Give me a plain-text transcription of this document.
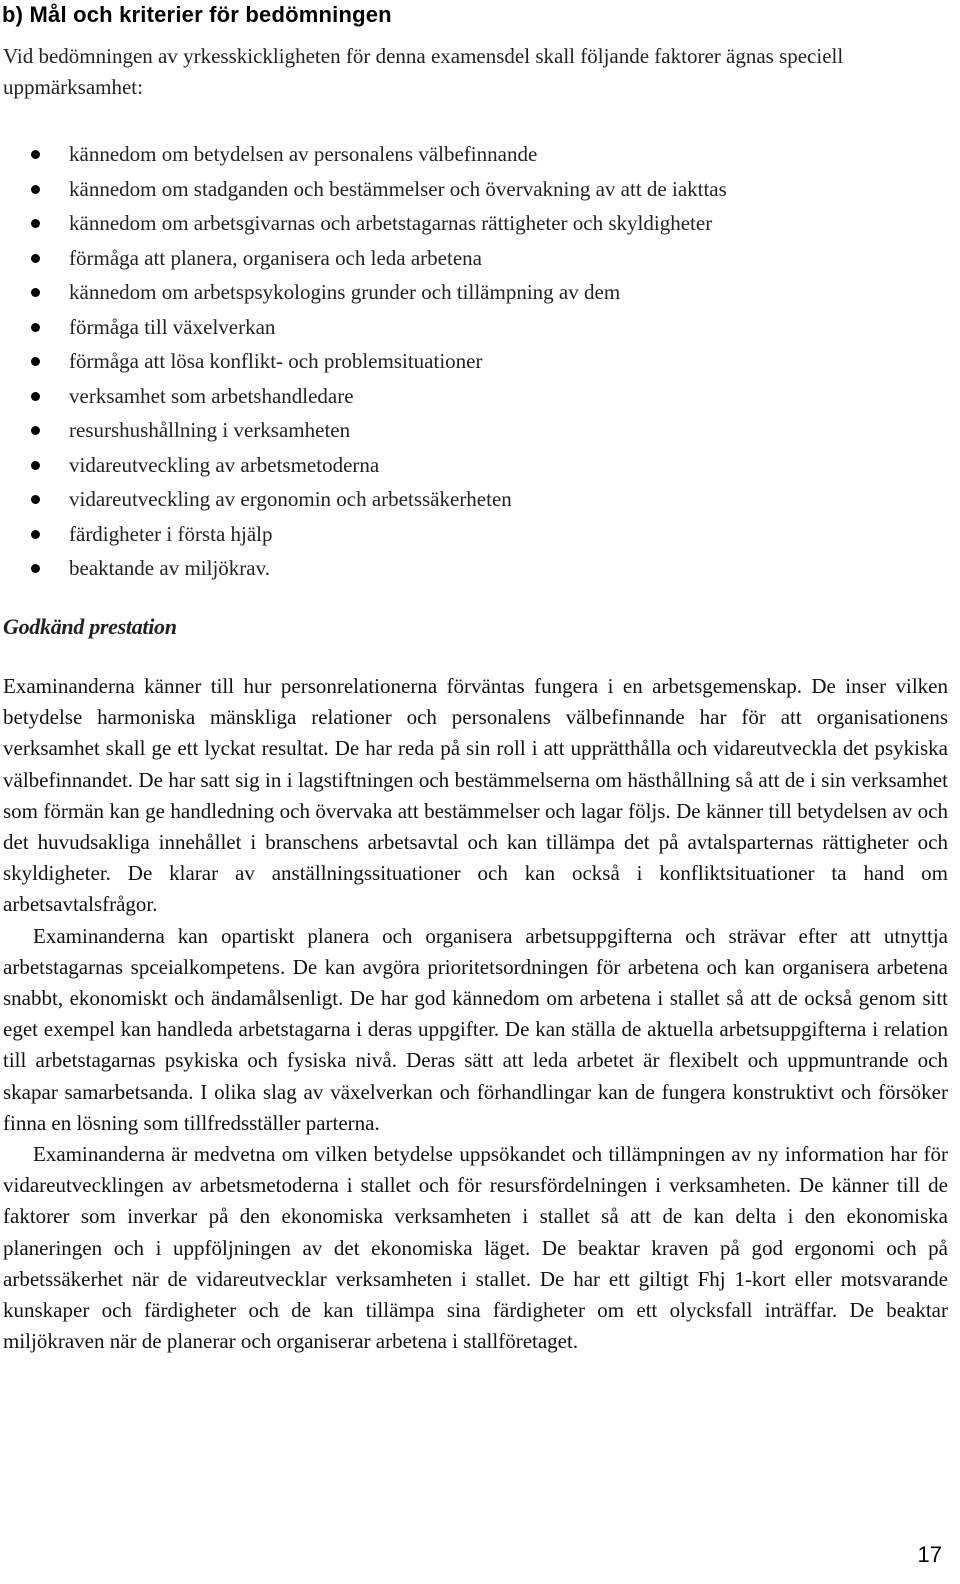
b) Mål och kriterier för bedömningen

Vid bedömningen av yrkesskickligheten för denna examensdel skall följande faktorer ägnas speciell uppmärksamhet:

kännedom om betydelsen av personalens välbefinnande
kännedom om stadganden och bestämmelser och övervakning av att de iakttas
kännedom om arbetsgivarnas och arbetstagarnas rättigheter och skyldigheter
förmåga att planera, organisera och leda arbetena
kännedom om arbetspsykologins grunder och tillämpning av dem
förmåga till växelverkan
förmåga att lösa konflikt- och problemsituationer
verksamhet som arbetshandledare
resurshushållning i verksamheten
vidareutveckling av arbetsmetoderna
vidareutveckling av ergonomin och arbetssäkerheten
färdigheter i första hjälp
beaktande av miljökrav.
Godkänd prestation

Examinanderna känner till hur personrelationerna förväntas fungera i en arbetsgemenskap. De inser vilken betydelse harmoniska mänskliga relationer och personalens välbefinnande har för att organisationens verksamhet skall ge ett lyckat resultat. De har reda på sin roll i att upprätthålla och vidareutveckla det psykiska välbefinnandet. De har satt sig in i lagstiftningen och bestämmelserna om hästhållning så att de i sin verksamhet som förmän kan ge handledning och övervaka att bestämmelser och lagar följs. De känner till betydelsen av och det huvudsakliga innehållet i branschens arbetsavtal och kan tillämpa det på avtalsparternas rättigheter och skyldigheter. De klarar av anställningssituationer och kan också i konfliktsituationer ta hand om arbetsavtalsfrågor.

Examinanderna kan opartiskt planera och organisera arbetsuppgifterna och strävar efter att utnyttja arbetstagarnas spceialkompetens. De kan avgöra prioritetsordningen för arbetena och kan organisera arbetena snabbt, ekonomiskt och ändamålsenligt. De har god kännedom om arbetena i stallet så att de också genom sitt eget exempel kan handleda arbetstagarna i deras uppgifter. De kan ställa de aktuella arbetsuppgifterna i relation till arbetstagarnas psykiska och fysiska nivå. Deras sätt att leda arbetet är flexibelt och uppmuntrande och skapar samarbetsanda. I olika slag av växelverkan och förhandlingar kan de fungera konstruktivt och försöker finna en lösning som tillfredsställer parterna.

Examinanderna är medvetna om vilken betydelse uppsökandet och tillämpningen av ny information har för vidareutvecklingen av arbetsmetoderna i stallet och för resursfördelningen i verksamheten. De känner till de faktorer som inverkar på den ekonomiska verksamheten i stallet så att de kan delta i den ekonomiska planeringen och i uppföljningen av det ekonomiska läget. De beaktar kraven på god ergonomi och på arbetssäkerhet när de vidareutvecklar verksamheten i stallet. De har ett giltigt Fhj 1-kort eller motsvarande kunskaper och färdigheter och de kan tillämpa sina färdigheter om ett olycksfall inträffar. De beaktar miljökraven när de planerar och organiserar arbetena i stallföretaget.

17
